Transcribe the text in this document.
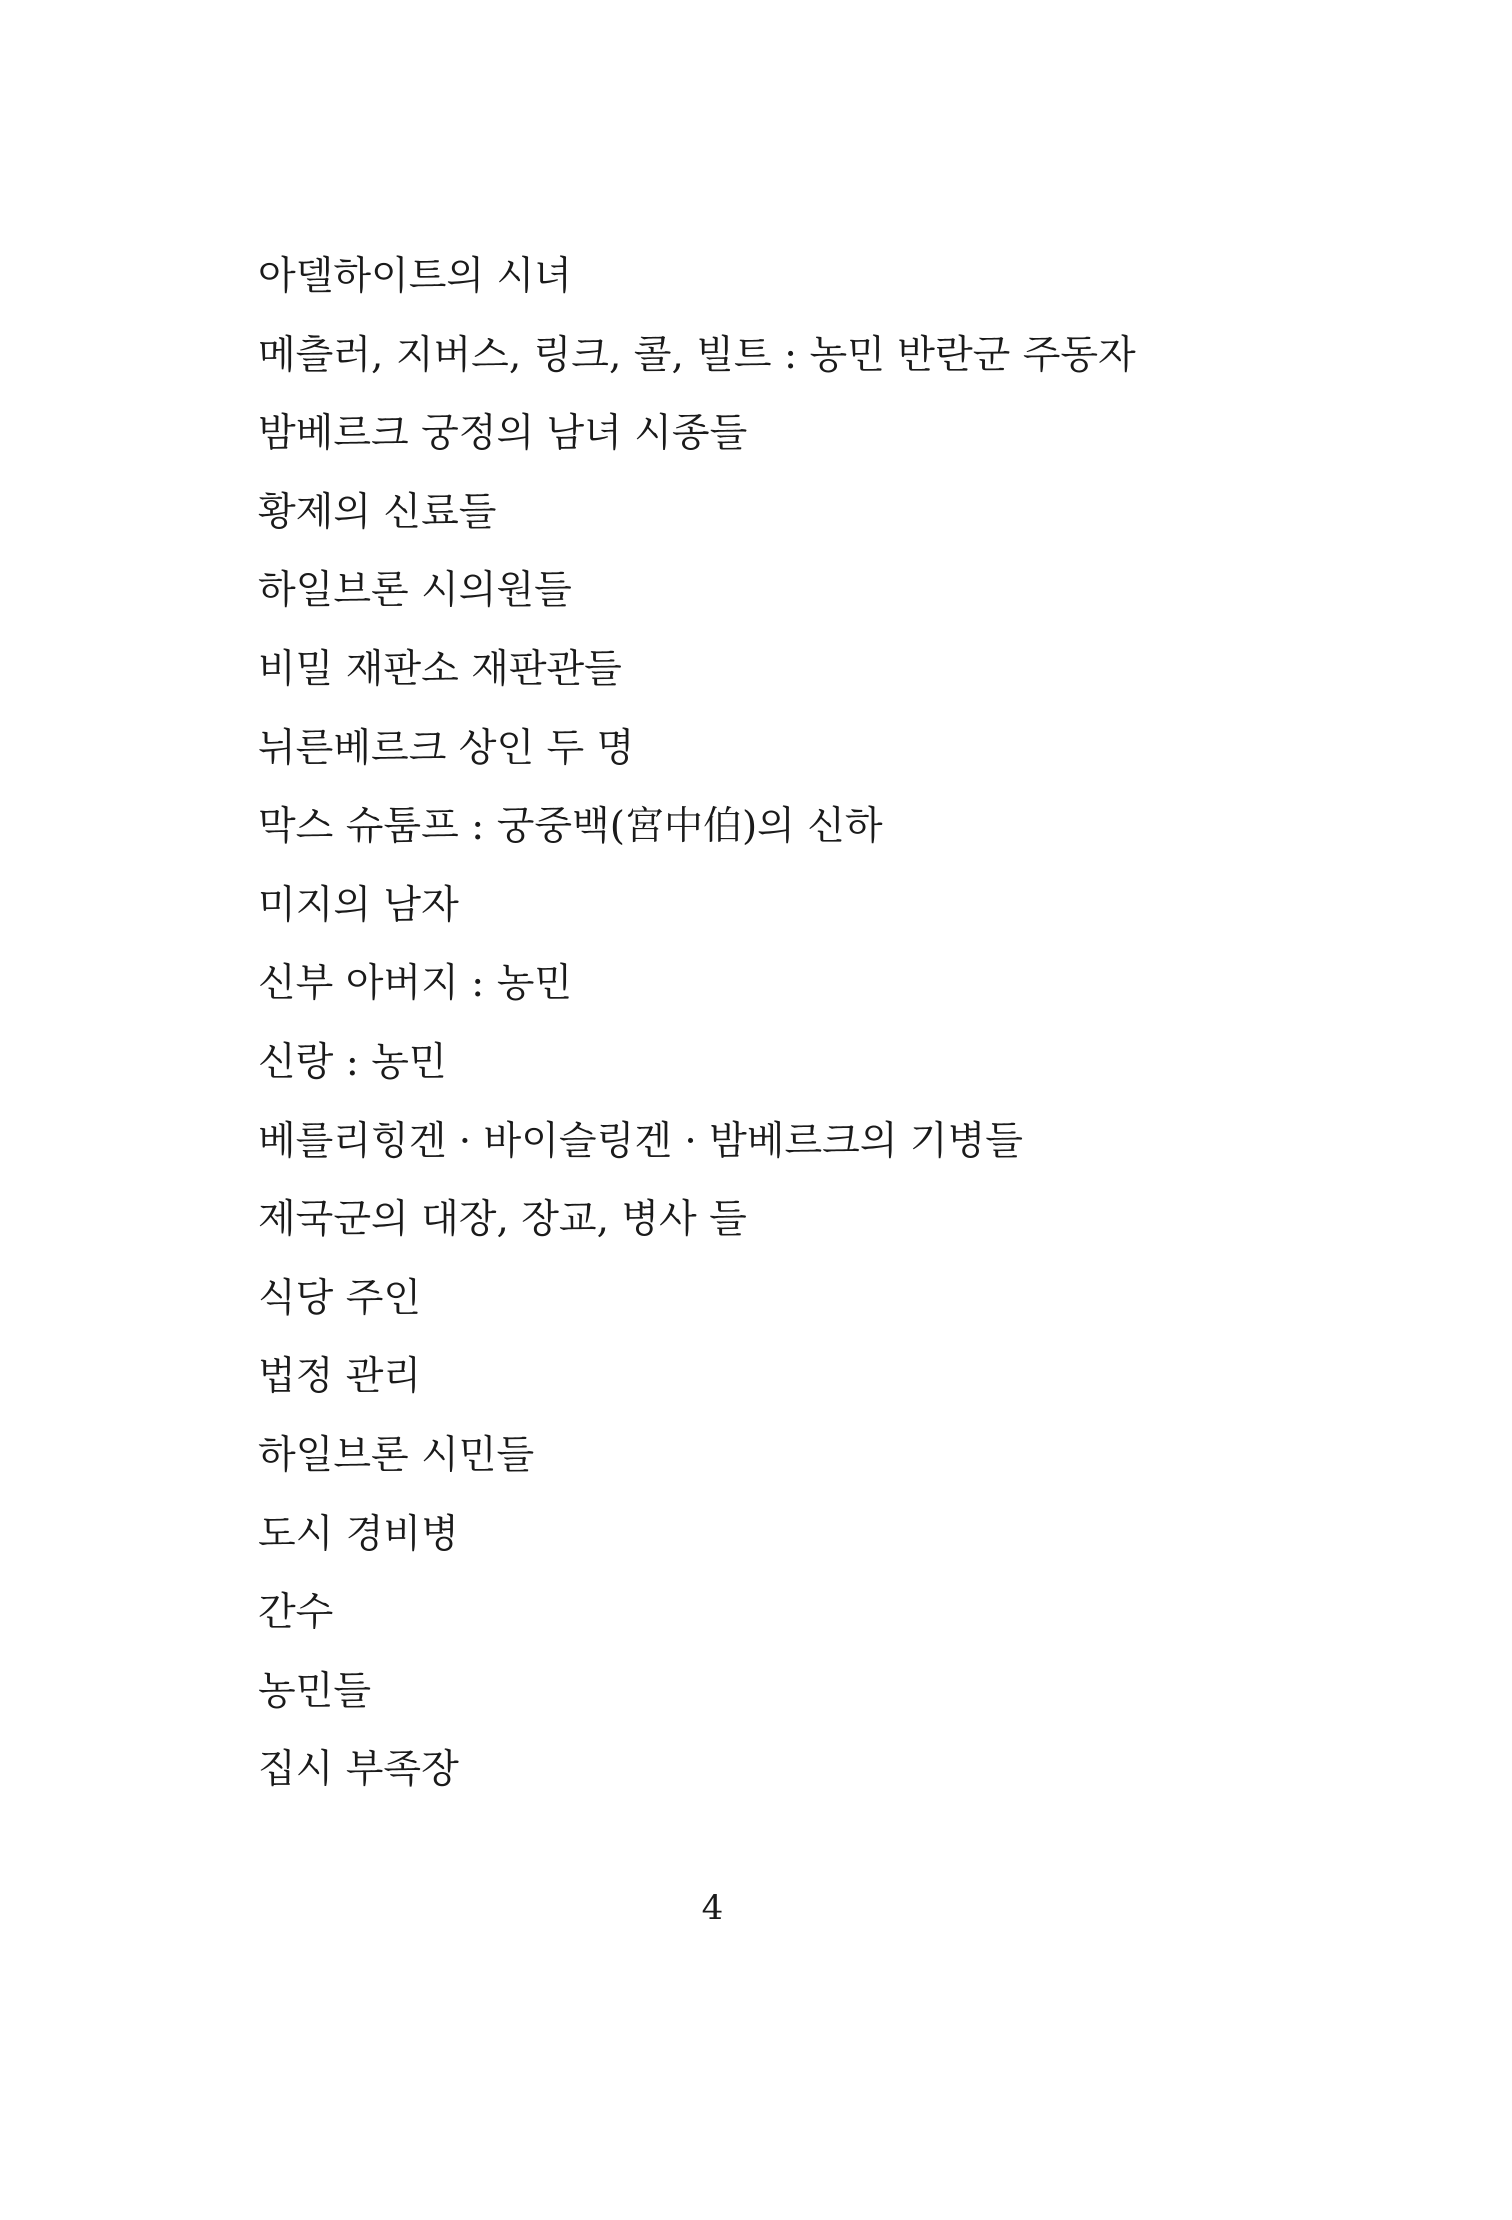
아델하이트의 시녀
메츨러, 지버스, 링크, 콜, 빌트 : 농민 반란군 주동자
밤베르크 궁정의 남녀 시종들
황제의 신료들
하일브론 시의원들
비밀 재판소 재판관들
뉘른베르크 상인 두 명
막스 슈툼프 : 궁중백(宮中伯)의 신하
미지의 남자
신부 아버지 : 농민
신랑 : 농민
베를리힝겐 · 바이슬링겐 · 밤베르크의 기병들
제국군의 대장, 장교, 병사 들
식당 주인
법정 관리
하일브론 시민들
도시 경비병
간수
농민들
집시 부족장
4
